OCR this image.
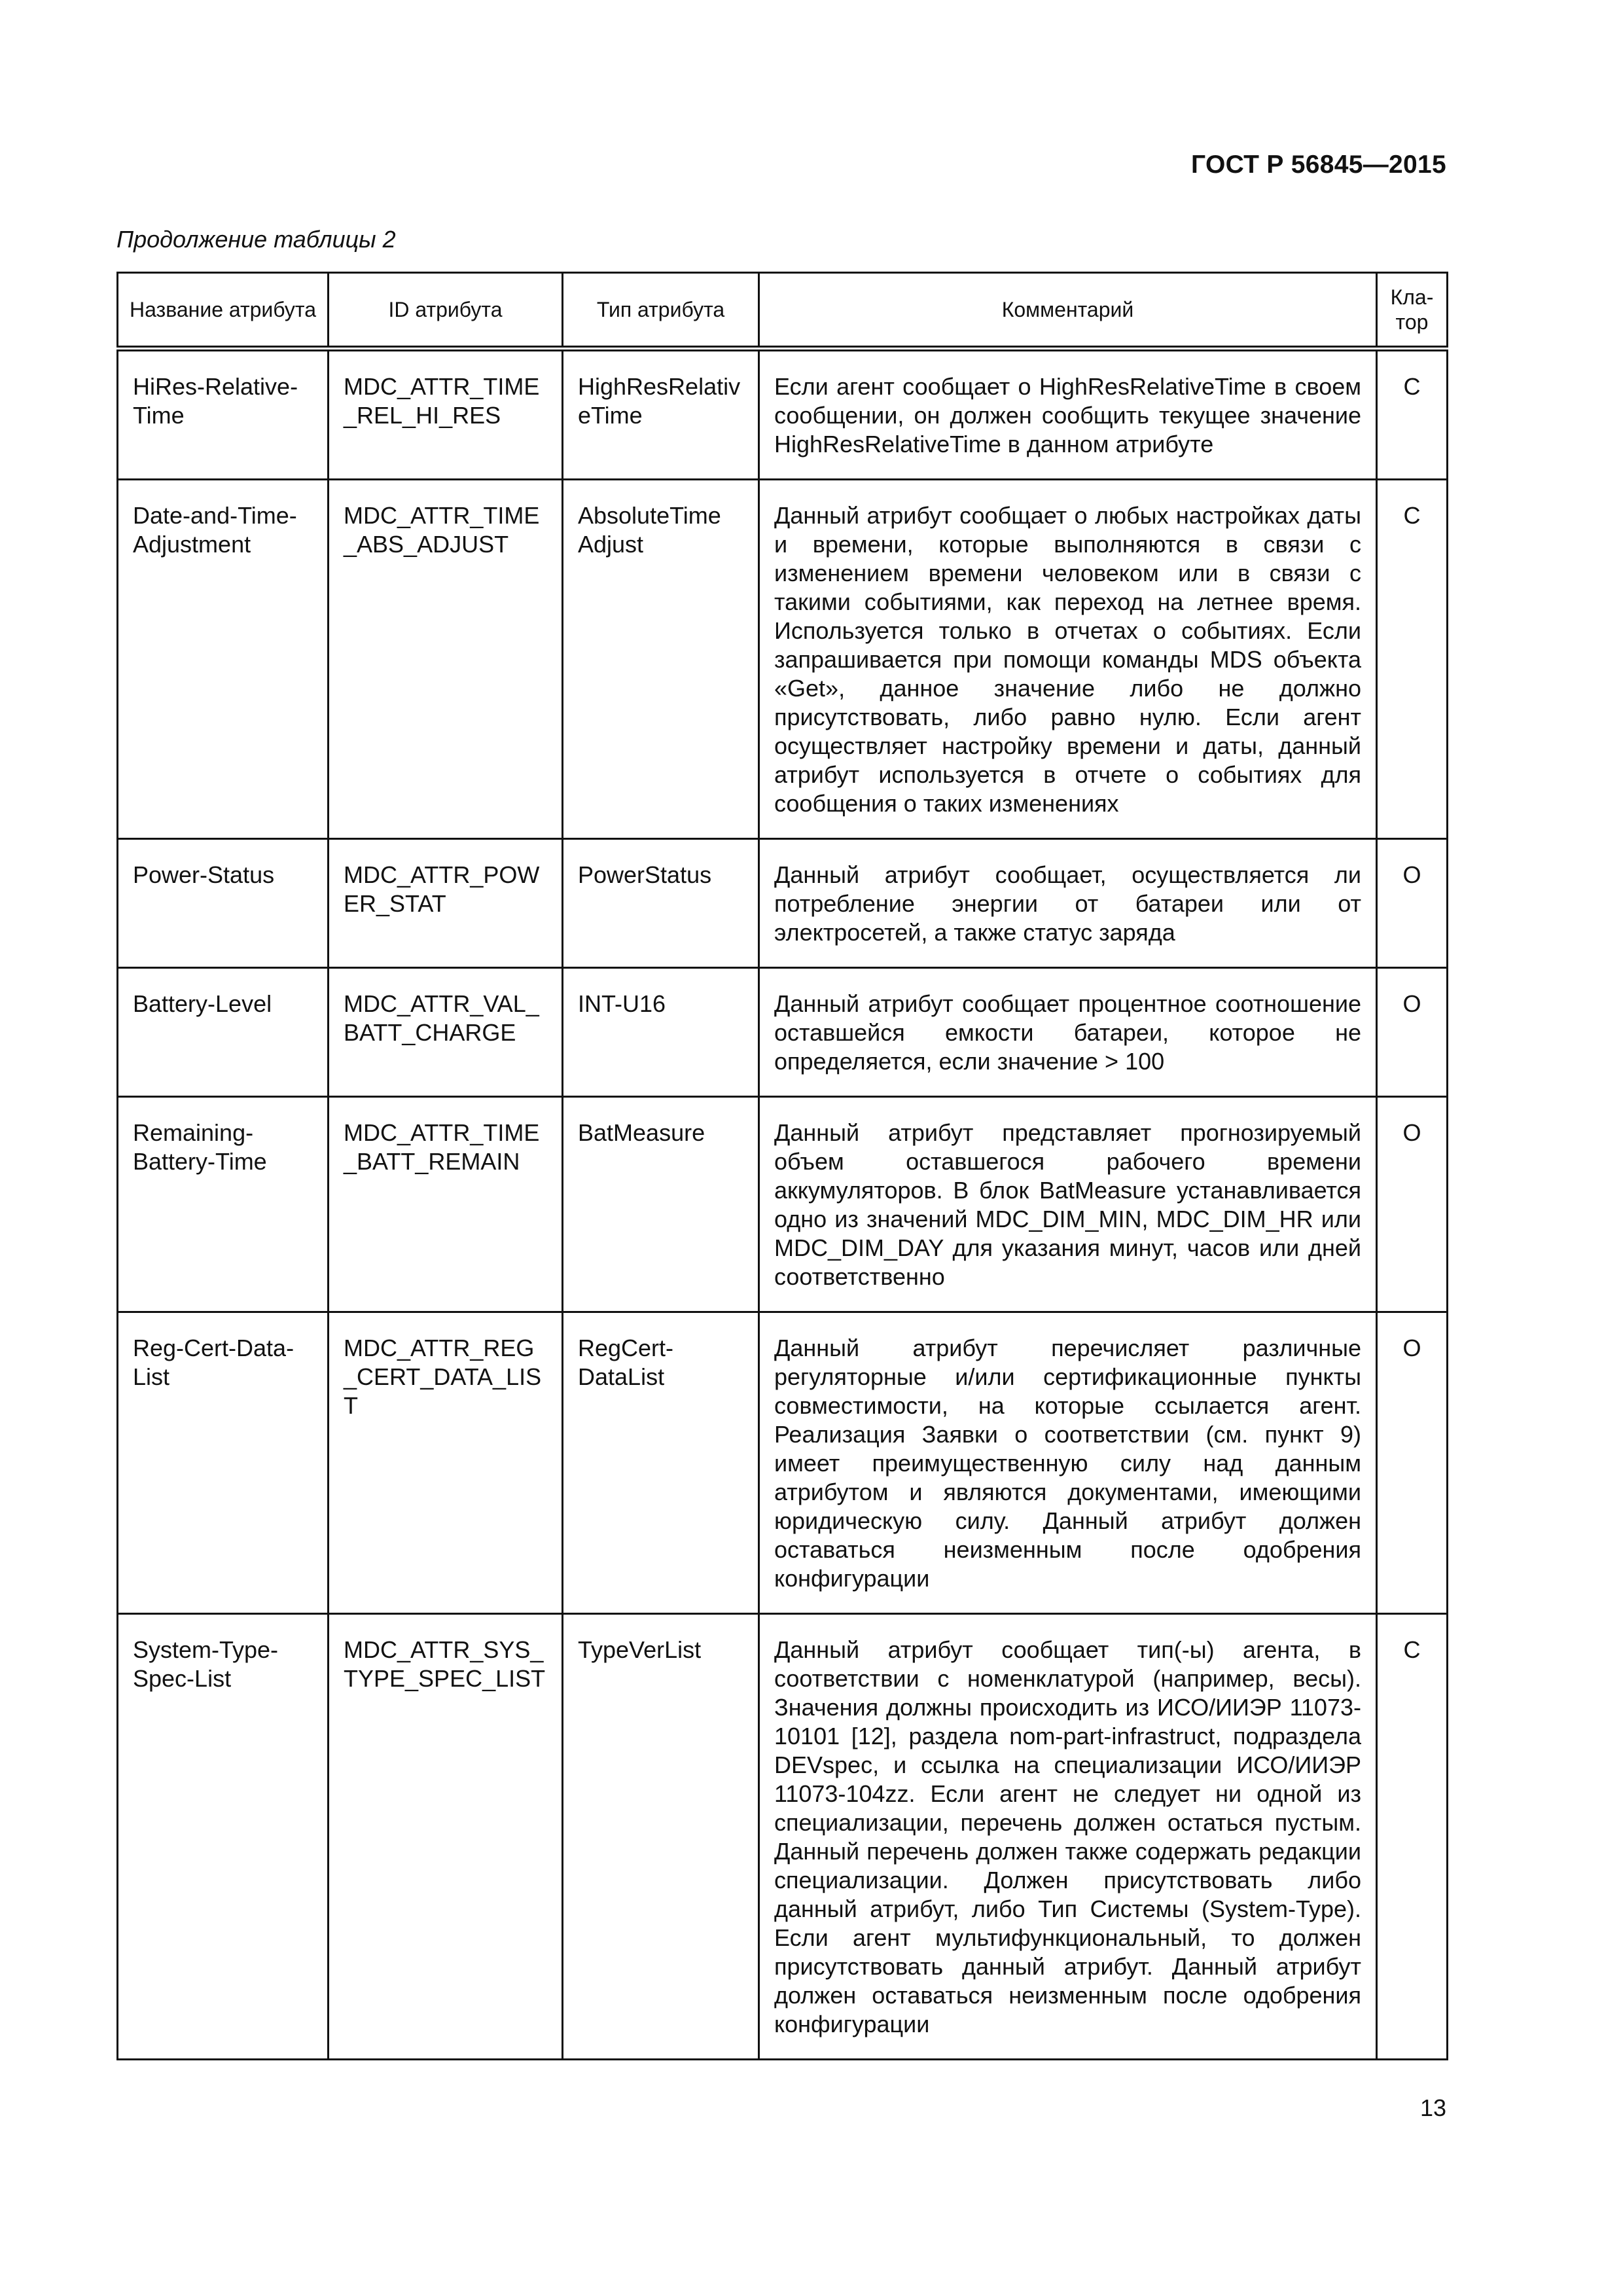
ГОСТ Р 56845—2015
Продолжение таблицы 2
Название атрибута	ID атрибута	Тип атрибута	Комментарий	Кла-тор
HiRes-Relative-Time	MDC_ATTR_TIME_REL_HI_RES	HighResRelativeTime	Если агент сообщает о HighResRelativeTime в своем сообщении, он должен сообщить текущее значение HighResRelativeTime в данном атрибуте	C
Date-and-Time-Adjustment	MDC_ATTR_TIME_ABS_ADJUST	AbsoluteTime Adjust	Данный атрибут сообщает о любых настройках даты и времени, которые выполняются в связи с изменением времени человеком или в связи с такими событиями, как переход на летнее время. Используется только в отчетах о событиях. Если запрашивается при помощи команды MDS объекта «Get», данное значение либо не должно присутствовать, либо равно нулю. Если агент осуществляет настройку времени и даты, данный атрибут используется в отчете о событиях для сообщения о таких изменениях	C
Power-Status	MDC_ATTR_POWER_STAT	PowerStatus	Данный атрибут сообщает, осуществляется ли потребление энергии от батареи или от электросетей, а также статус заряда	O
Battery-Level	MDC_ATTR_VAL_BATT_CHARGE	INT-U16	Данный атрибут сообщает процентное соотношение оставшейся емкости батареи, которое не определяется, если значение > 100	O
Remaining-Battery-Time	MDC_ATTR_TIME_BATT_REMAIN	BatMeasure	Данный атрибут представляет прогнозируемый объем оставшегося рабочего времени аккумуляторов. В блок BatMeasure устанавливается одно из значений MDC_DIM_MIN, MDC_DIM_HR или MDC_DIM_DAY для указания минут, часов или дней соответственно	O
Reg-Cert-Data-List	MDC_ATTR_REG_CERT_DATA_LIST	RegCert-DataList	Данный атрибут перечисляет различные регуляторные и/или сертификационные пункты совместимости, на которые ссылается агент. Реализация Заявки о соответствии (см. пункт 9) имеет преимущественную силу над данным атрибутом и являются документами, имеющими юридическую силу. Данный атрибут должен оставаться неизменным после одобрения конфигурации	O
System-Type-Spec-List	MDC_ATTR_SYS_TYPE_SPEC_LIST	TypeVerList	Данный атрибут сообщает тип(-ы) агента, в соответствии с номенклатурой (например, весы). Значения должны происходить из ИСО/ИИЭР 11073-10101 [12], раздела nom-part-infrastruct, подраздела DEVspec, и ссылка на специализации ИСО/ИИЭР 11073-104zz. Если агент не следует ни одной из специализации, перечень должен остаться пустым. Данный перечень должен также содержать редакции специализации. Должен присутствовать либо данный атрибут, либо Тип Системы (System-Type). Если агент мультифункциональный, то должен присутствовать данный атрибут. Данный атрибут должен оставаться неизменным после одобрения конфигурации	C
13
